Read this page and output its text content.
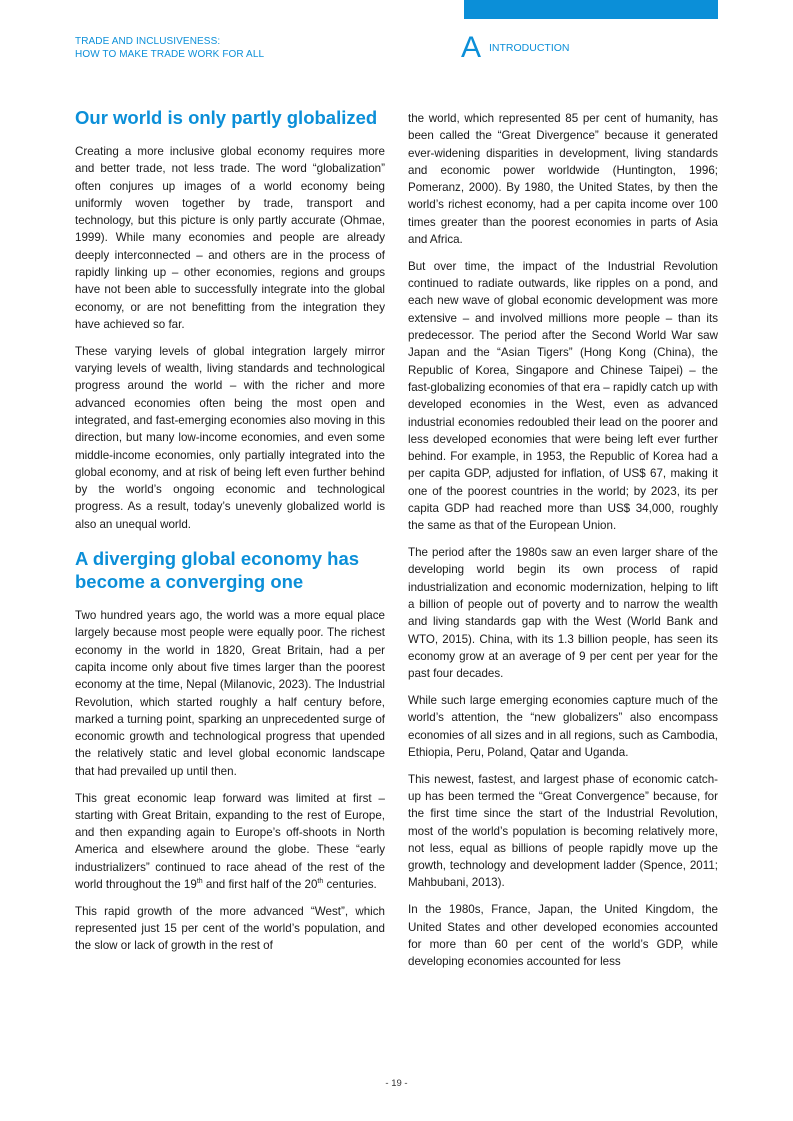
TRADE AND INCLUSIVENESS:
HOW TO MAKE TRADE WORK FOR ALL	A INTRODUCTION
Our world is only partly globalized

Creating a more inclusive global economy requires more and better trade, not less trade. The word “globalization” often conjures up images of a world economy being uniformly woven together by trade, transport and technology, but this picture is only partly accurate (Ohmae, 1999). While many economies and people are already deeply interconnected – and others are in the process of rapidly linking up – other economies, regions and groups have not been able to successfully integrate into the global economy, or are not benefitting from the integration they have achieved so far.

These varying levels of global integration largely mirror varying levels of wealth, living standards and technological progress around the world – with the richer and more advanced economies often being the most open and integrated, and fast-emerging economies also moving in this direction, but many low-income economies, and even some middle-income economies, only partially integrated into the global economy, and at risk of being left even further behind by the world’s ongoing economic and technological progress. As a result, today’s unevenly globalized world is also an unequal world.

A diverging global economy has become a converging one

Two hundred years ago, the world was a more equal place largely because most people were equally poor. The richest economy in the world in 1820, Great Britain, had a per capita income only about five times larger than the poorest economy at the time, Nepal (Milanovic, 2023). The Industrial Revolution, which started roughly a half century before, marked a turning point, sparking an unprecedented surge of economic growth and technological progress that upended the relatively static and level global economic landscape that had prevailed up until then.

This great economic leap forward was limited at first – starting with Great Britain, expanding to the rest of Europe, and then expanding again to Europe’s off-shoots in North America and elsewhere around the globe. These “early industrializers” continued to race ahead of the rest of the world throughout the 19th and first half of the 20th centuries.

This rapid growth of the more advanced “West”, which represented just 15 per cent of the world’s population, and the slow or lack of growth in the rest of

the world, which represented 85 per cent of humanity, has been called the “Great Divergence” because it generated ever-widening disparities in development, living standards and economic power worldwide (Huntington, 1996; Pomeranz, 2000). By 1980, the United States, by then the world’s richest economy, had a per capita income over 100 times greater than the poorest economies in parts of Asia and Africa.

But over time, the impact of the Industrial Revolution continued to radiate outwards, like ripples on a pond, and each new wave of global economic development was more extensive – and involved millions more people – than its predecessor. The period after the Second World War saw Japan and the “Asian Tigers” (Hong Kong (China), the Republic of Korea, Singapore and Chinese Taipei) – the fast-globalizing economies of that era – rapidly catch up with developed economies in the West, even as advanced industrial economies redoubled their lead on the poorer and less developed economies that were being left ever further behind. For example, in 1953, the Republic of Korea had a per capita GDP, adjusted for inflation, of US$ 67, making it one of the poorest countries in the world; by 2023, its per capita GDP had reached more than US$ 34,000, roughly the same as that of the European Union.

The period after the 1980s saw an even larger share of the developing world begin its own process of rapid industrialization and economic modernization, helping to lift a billion of people out of poverty and to narrow the wealth and living standards gap with the West (World Bank and WTO, 2015). China, with its 1.3 billion people, has seen its economy grow at an average of 9 per cent per year for the past four decades.

While such large emerging economies capture much of the world’s attention, the “new globalizers” also encompass economies of all sizes and in all regions, such as Cambodia, Ethiopia, Peru, Poland, Qatar and Uganda.

This newest, fastest, and largest phase of economic catch-up has been termed the “Great Convergence” because, for the first time since the start of the Industrial Revolution, most of the world’s population is becoming relatively more, not less, equal as billions of people rapidly move up the growth, technology and development ladder (Spence, 2011; Mahbubani, 2013).

In the 1980s, France, Japan, the United Kingdom, the United States and other developed economies accounted for more than 60 per cent of the world’s GDP, while developing economies accounted for less

- 19 -
